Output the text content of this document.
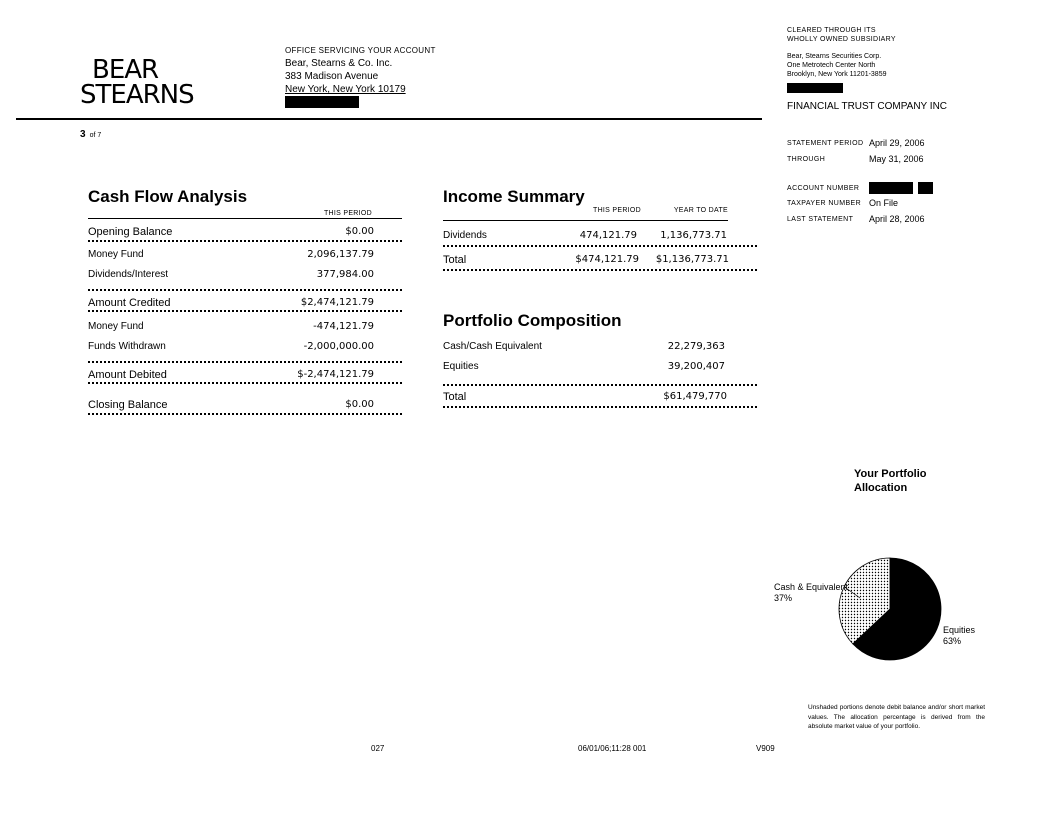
BEAR
STEARNS
OFFICE SERVICING YOUR ACCOUNT
Bear, Stearns & Co. Inc.
383 Madison Avenue
New York, New York 10179
3 of 7
CLEARED THROUGH ITS
WHOLLY OWNED SUBSIDIARY
Bear, Stearns Securities Corp.
One Metrotech Center North
Brooklyn, New York 11201-3859
FINANCIAL TRUST COMPANY INC
STATEMENT PERIOD April 29, 2006
THROUGH	May 31, 2006
ACCOUNT NUMBER
TAXPAYER NUMBER On File
LAST STATEMENT April 28, 2006
Cash Flow Analysis
THIS PERIOD
Opening Balance	$0.00
Money Fund	2,096,137.79
Dividends/Interest	377,984.00
Amount Credited	$2,474,121.79
Money Fund	-474,121.79
Funds Withdrawn	-2,000,000.00
Amount Debited	$-2,474,121.79
Closing Balance	$0.00
Income Summary
THIS PERIOD	YEAR TO DATE
Dividends	474,121.79 1,136,773.71
Total	$474,121.79 $1,136,773.71
Portfolio Composition
Cash/Cash Equivalent	22,279,363
Equities	39,200,407
Total	$61,479,770
Your Portfolio
Allocation
Cash & Equivalent
37%
Equities
63%
Unshaded portions denote debit balance and/or short market values. The allocation percentage is derived from the absolute market value of your portfolio.
027	06/01/06;11:28 001	V909
